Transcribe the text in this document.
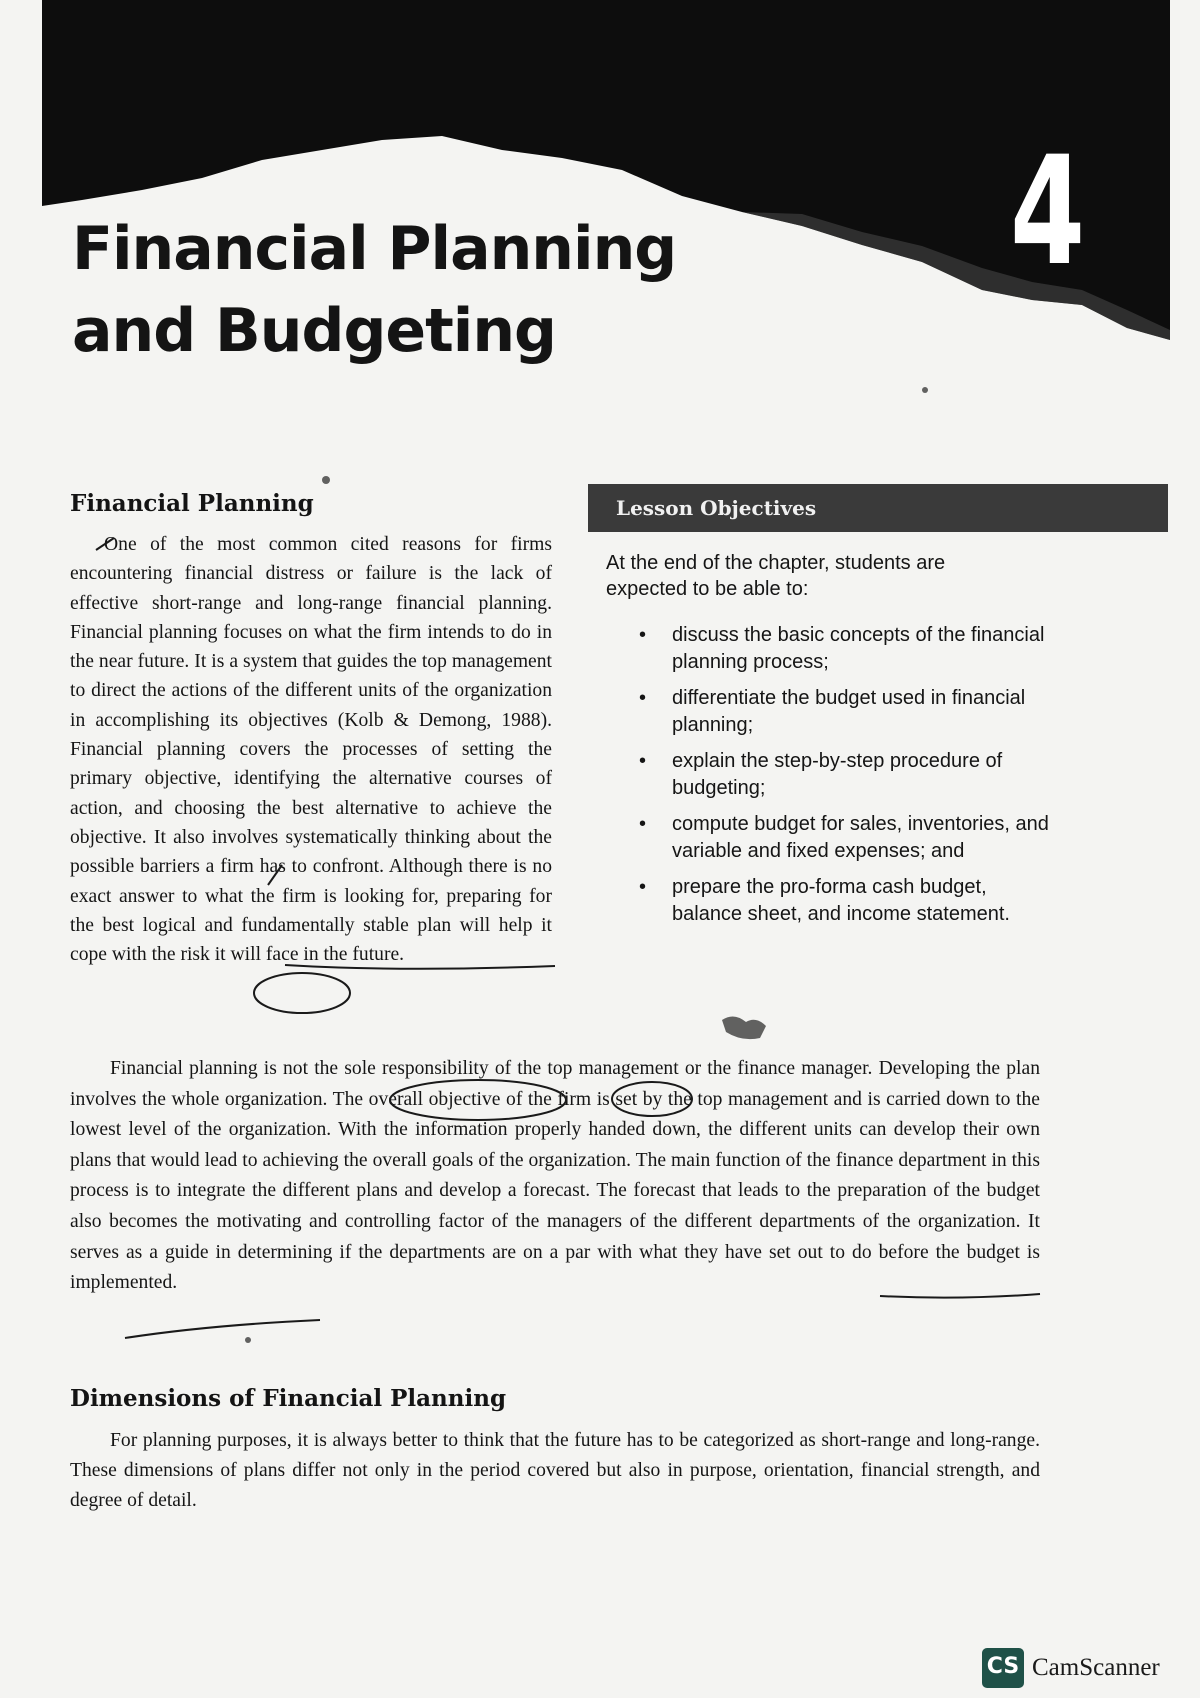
Financial Planning
and Budgeting
4
Financial Planning

One of the most common cited reasons for firms encountering financial distress or failure is the lack of effective short-range and long-range financial planning. Financial planning focuses on what the firm intends to do in the near future. It is a system that guides the top management to direct the actions of the different units of the organization in accomplishing its objectives (Kolb & Demong, 1988). Financial planning covers the processes of setting the primary objective, identifying the alternative courses of action, and choosing the best alternative to achieve the objective. It also involves systematically thinking about the possible barriers a firm has to confront. Although there is no exact answer to what the firm is looking for, preparing for the best logical and fundamentally stable plan will help it cope with the risk it will face in the future.

Lesson Objectives

At the end of the chapter, students are expected to be able to:

• discuss the basic concepts of the financial planning process;
• differentiate the budget used in financial planning;
• explain the step-by-step procedure of budgeting;
• compute budget for sales, inventories, and variable and fixed expenses; and
• prepare the pro-forma cash budget, balance sheet, and income statement.

Financial planning is not the sole responsibility of the top management or the finance manager. Developing the plan involves the whole organization. The overall objective of the firm is set by the top management and is carried down to the lowest level of the organization. With the information properly handed down, the different units can develop their own plans that would lead to achieving the overall goals of the organization. The main function of the finance department in this process is to integrate the different plans and develop a forecast. The forecast that leads to the preparation of the budget also becomes the motivating and controlling factor of the managers of the different departments of the organization. It serves as a guide in determining if the departments are on a par with what they have set out to do before the budget is implemented.

Dimensions of Financial Planning

For planning purposes, it is always better to think that the future has to be categorized as short-range and long-range. These dimensions of plans differ not only in the period covered but also in purpose, orientation, financial strength, and degree of detail.

CS CamScanner
